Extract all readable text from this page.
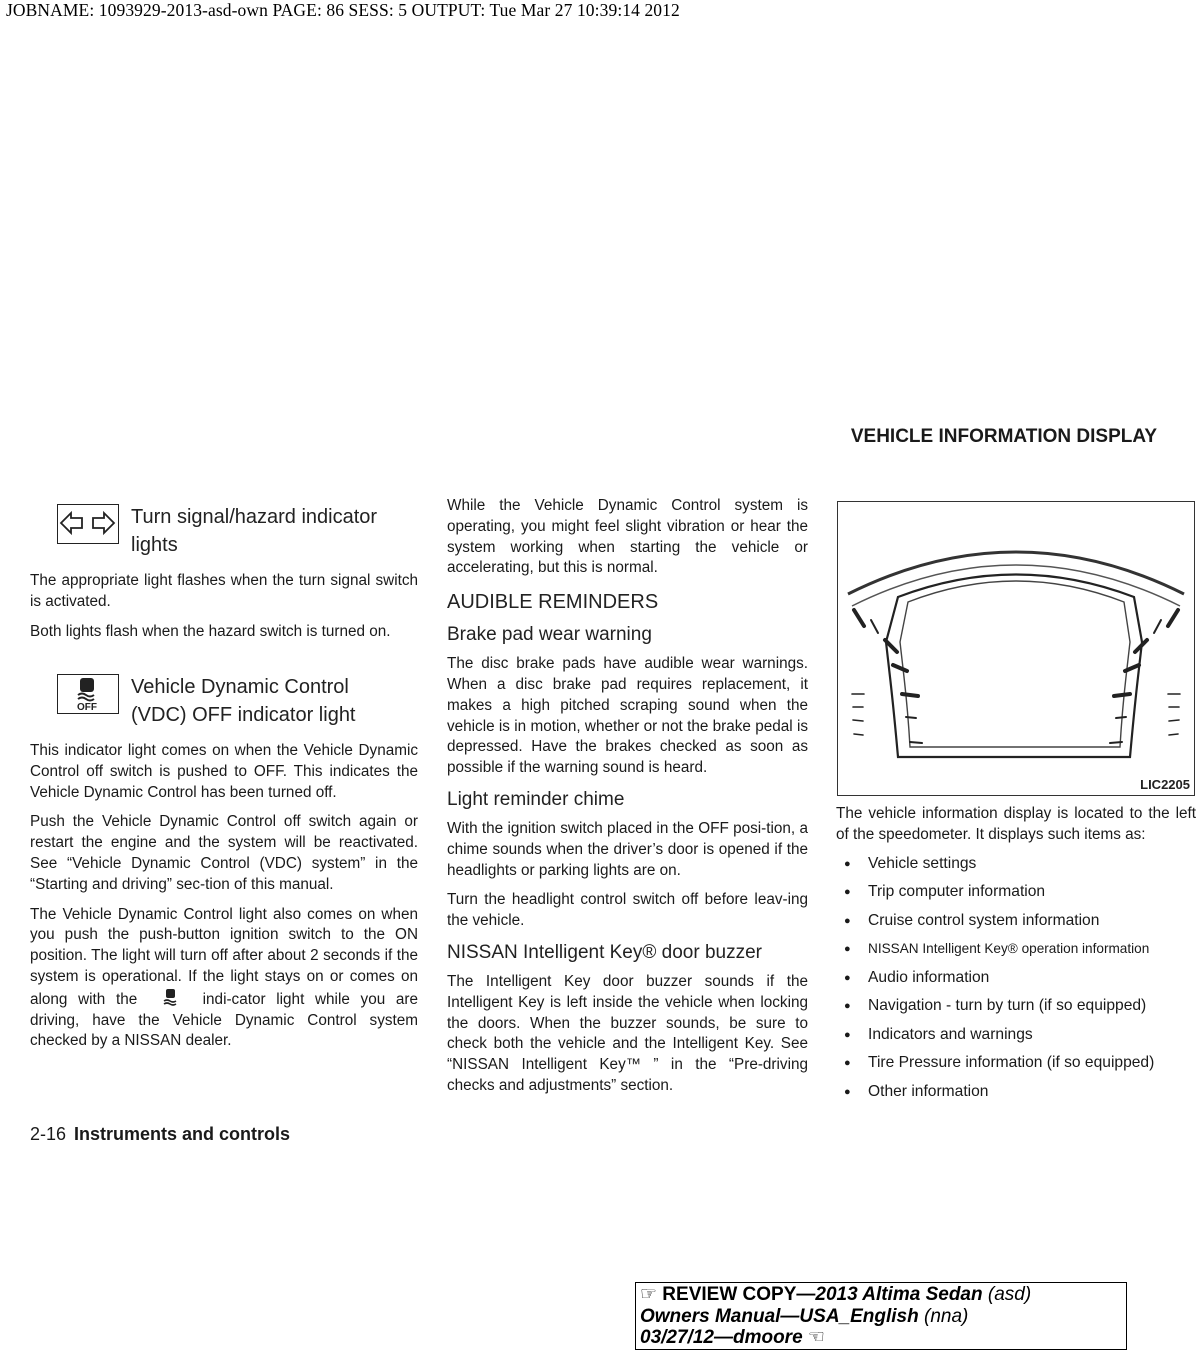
JOBNAME: 1093929-2013-asd-own PAGE: 86 SESS: 5 OUTPUT: Tue Mar 27 10:39:14 2012
VEHICLE INFORMATION DISPLAY
Turn signal/hazard indicator
lights

The appropriate light flashes when the turn signal switch is activated.

Both lights flash when the hazard switch is turned on.

OFF
Vehicle Dynamic Control
(VDC) OFF indicator light

This indicator light comes on when the Vehicle Dynamic Control off switch is pushed to OFF. This indicates the Vehicle Dynamic Control has been turned off.

Push the Vehicle Dynamic Control off switch again or restart the engine and the system will be reactivated. See “Vehicle Dynamic Control (VDC) system” in the “Starting and driving” sec-tion of this manual.

The Vehicle Dynamic Control light also comes on when you push the push-button ignition switch to the ON position. The light will turn off after about 2 seconds if the system is operational. If the light stays on or comes on along with the	indi-cator light while you are driving, have the Vehicle Dynamic Control system checked by a NISSAN dealer.

While the Vehicle Dynamic Control system is operating, you might feel slight vibration or hear the system working when starting the vehicle or accelerating, but this is normal.

AUDIBLE REMINDERS
Brake pad wear warning

The disc brake pads have audible wear warnings. When a disc brake pad requires replacement, it makes a high pitched scraping sound when the vehicle is in motion, whether or not the brake pedal is depressed. Have the brakes checked as soon as possible if the warning sound is heard.

Light reminder chime

With the ignition switch placed in the OFF posi-tion, a chime sounds when the driver’s door is opened if the headlights or parking lights are on.

Turn the headlight control switch off before leav-ing the vehicle.

NISSAN Intelligent Key® door buzzer

The Intelligent Key door buzzer sounds if the Intelligent Key is left inside the vehicle when locking the doors. When the buzzer sounds, be sure to check both the vehicle and the Intelligent Key. See “NISSAN Intelligent Key™ ” in the “Pre-driving checks and adjustments” section.

LIC2205

The vehicle information display is located to the left of the speedometer. It displays such items as:

● Vehicle settings
● Trip computer information
● Cruise control system information
● NISSAN Intelligent Key® operation information
● Audio information
● Navigation - turn by turn (if so equipped)
● Indicators and warnings
● Tire Pressure information (if so equipped)
● Other information
2-16 Instruments and controls
☞ REVIEW COPY—2013 Altima Sedan (asd)
Owners Manual—USA_English (nna)
03/27/12—dmoore ☜
